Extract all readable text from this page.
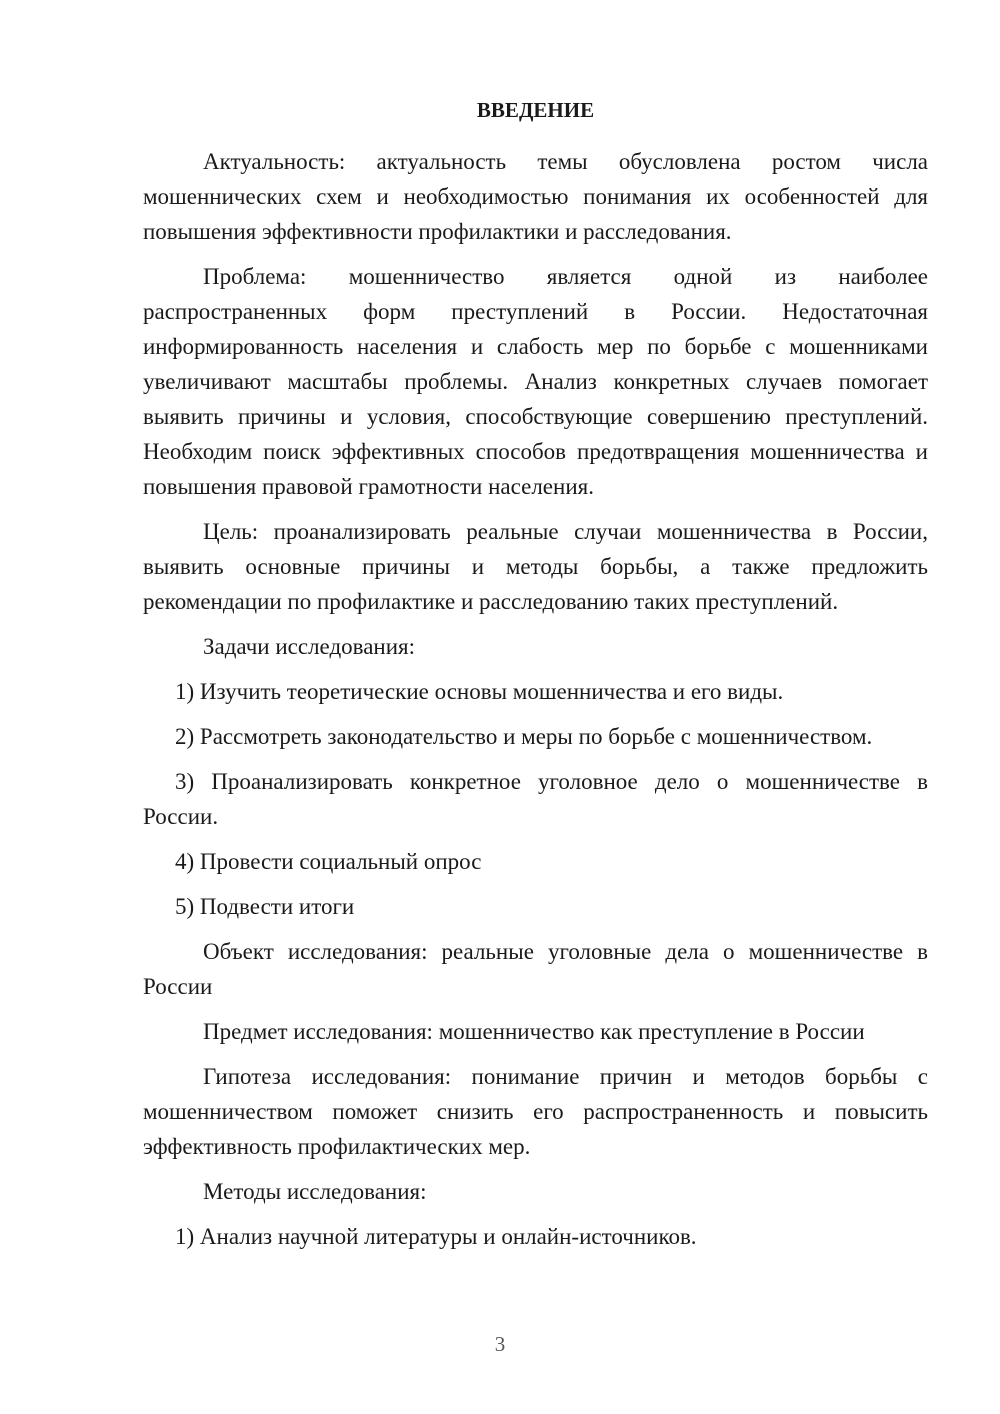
ВВЕДЕНИЕ

Актуальность: актуальность темы обусловлена ростом числа мошеннических схем и необходимостью понимания их особенностей для повышения эффективности профилактики и расследования.

Проблема: мошенничество является одной из наиболее распространенных форм преступлений в России. Недостаточная информированность населения и слабость мер по борьбе с мошенниками увеличивают масштабы проблемы. Анализ конкретных случаев помогает выявить причины и условия, способствующие совершению преступлений. Необходим поиск эффективных способов предотвращения мошенничества и повышения правовой грамотности населения.

Цель: проанализировать реальные случаи мошенничества в России, выявить основные причины и методы борьбы, а также предложить рекомендации по профилактике и расследованию таких преступлений.

Задачи исследования:

1) Изучить теоретические основы мошенничества и его виды.

2) Рассмотреть законодательство и меры по борьбе с мошенничеством.

3) Проанализировать конкретное уголовное дело о мошенничестве в России.

4) Провести социальный опрос

5) Подвести итоги

Объект исследования: реальные уголовные дела о мошенничестве в России

Предмет исследования: мошенничество как преступление в России

Гипотеза исследования: понимание причин и методов борьбы с мошенничеством поможет снизить его распространенность и повысить эффективность профилактических мер.

Методы исследования:

1) Анализ научной литературы и онлайн-источников.

3
